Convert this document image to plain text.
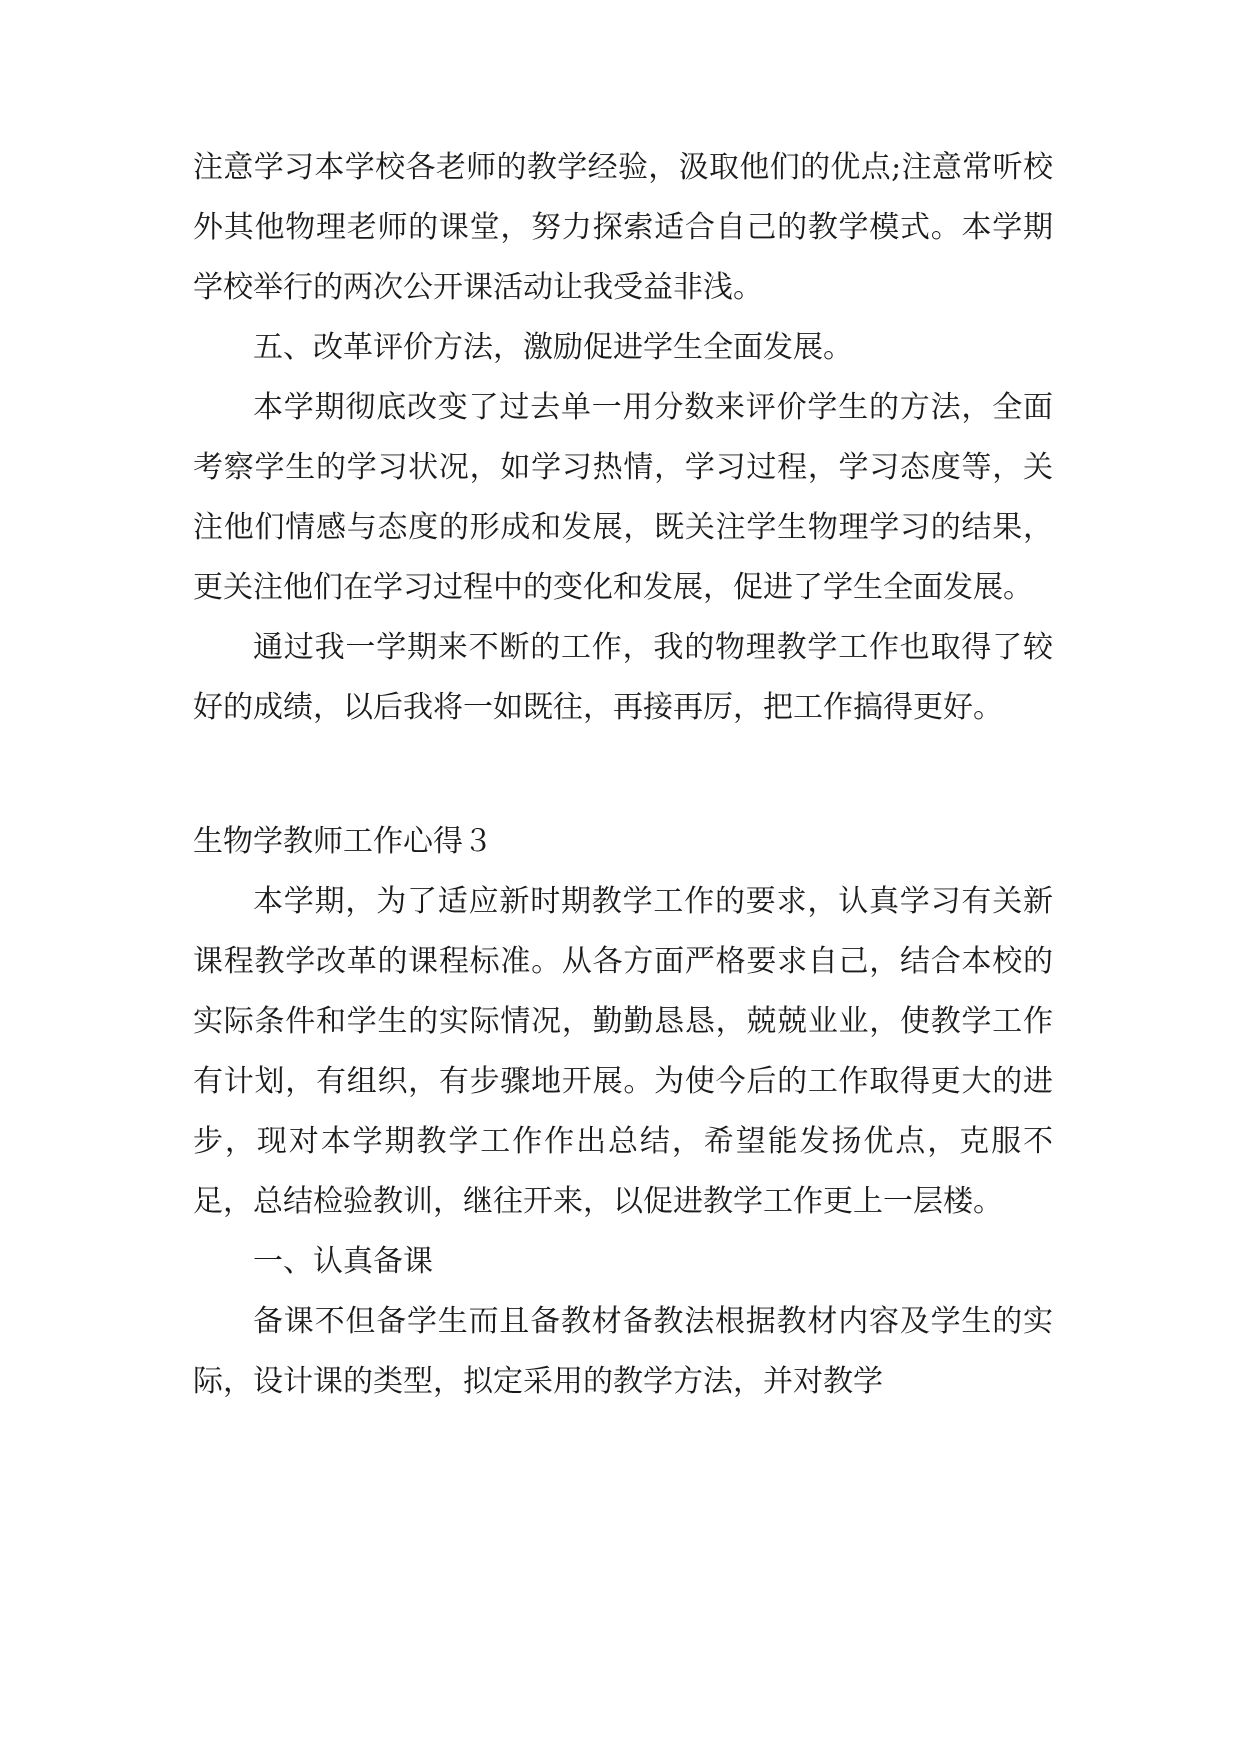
注意学习本学校各老师的教学经验，汲取他们的优点;注意常听校外其他物理老师的课堂，努力探索适合自己的教学模式。本学期学校举行的两次公开课活动让我受益非浅。

五、改革评价方法，激励促进学生全面发展。

本学期彻底改变了过去单一用分数来评价学生的方法，全面考察学生的学习状况，如学习热情，学习过程，学习态度等，关注他们情感与态度的形成和发展，既关注学生物理学习的结果，更关注他们在学习过程中的变化和发展，促进了学生全面发展。

通过我一学期来不断的工作，我的物理教学工作也取得了较好的成绩，以后我将一如既往，再接再厉，把工作搞得更好。

生物学教师工作心得３

本学期，为了适应新时期教学工作的要求，认真学习有关新课程教学改革的课程标准。从各方面严格要求自己，结合本校的实际条件和学生的实际情况，勤勤恳恳，兢兢业业，使教学工作有计划，有组织，有步骤地开展。为使今后的工作取得更大的进步，现对本学期教学工作作出总结，希望能发扬优点，克服不足，总结检验教训，继往开来，以促进教学工作更上一层楼。

一、认真备课

备课不但备学生而且备教材备教法根据教材内容及学生的实际，设计课的类型，拟定采用的教学方法，并对教学
